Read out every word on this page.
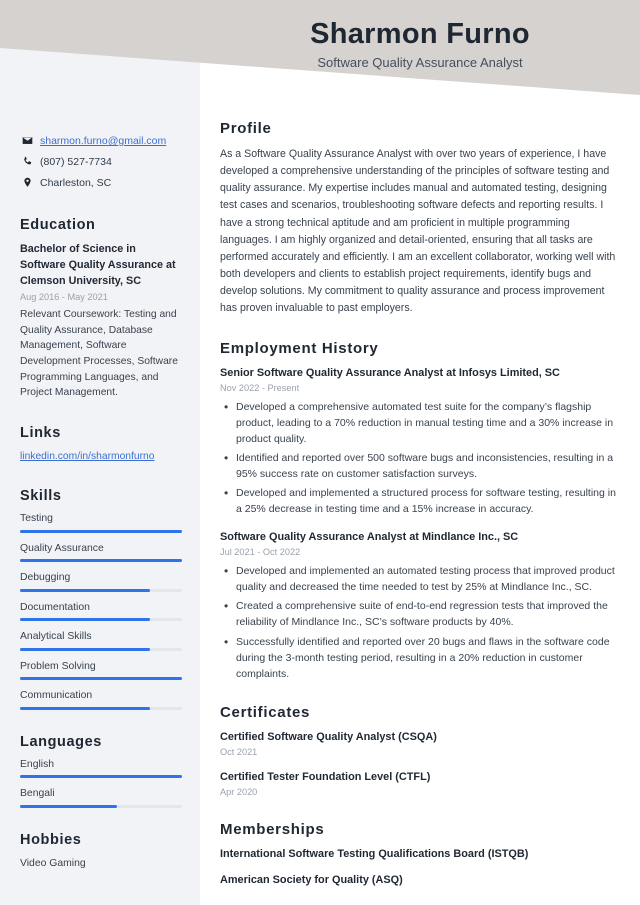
Sharmon Furno
Software Quality Assurance Analyst
sharmon.furno@gmail.com
(807) 527-7734
Charleston, SC
Education
Bachelor of Science in Software Quality Assurance at Clemson University, SC
Aug 2016 - May 2021
Relevant Coursework: Testing and Quality Assurance, Database Management, Software Development Processes, Software Programming Languages, and Project Management.
Links
linkedin.com/in/sharmonfurno
Skills
Testing
Quality Assurance
Debugging
Documentation
Analytical Skills
Problem Solving
Communication
Languages
English
Bengali
Hobbies
Video Gaming
Profile
As a Software Quality Assurance Analyst with over two years of experience, I have developed a comprehensive understanding of the principles of software testing and quality assurance. My expertise includes manual and automated testing, designing test cases and scenarios, troubleshooting software defects and reporting results. I have a strong technical aptitude and am proficient in multiple programming languages. I am highly organized and detail-oriented, ensuring that all tasks are performed accurately and efficiently. I am an excellent collaborator, working well with both developers and clients to establish project requirements, identify bugs and develop solutions. My commitment to quality assurance and process improvement has proven invaluable to past employers.
Employment History
Senior Software Quality Assurance Analyst at Infosys Limited, SC
Nov 2022 - Present
• Developed a comprehensive automated test suite for the company’s flagship product, leading to a 70% reduction in manual testing time and a 30% increase in product quality.
• Identified and reported over 500 software bugs and inconsistencies, resulting in a 95% success rate on customer satisfaction surveys.
• Developed and implemented a structured process for software testing, resulting in a 25% decrease in testing time and a 15% increase in accuracy.
Software Quality Assurance Analyst at Mindlance Inc., SC
Jul 2021 - Oct 2022
• Developed and implemented an automated testing process that improved product quality and decreased the time needed to test by 25% at Mindlance Inc., SC.
• Created a comprehensive suite of end-to-end regression tests that improved the reliability of Mindlance Inc., SC’s software products by 40%.
• Successfully identified and reported over 20 bugs and flaws in the software code during the 3-month testing period, resulting in a 20% reduction in customer complaints.
Certificates
Certified Software Quality Analyst (CSQA)
Oct 2021
Certified Tester Foundation Level (CTFL)
Apr 2020
Memberships
International Software Testing Qualifications Board (ISTQB)
American Society for Quality (ASQ)
